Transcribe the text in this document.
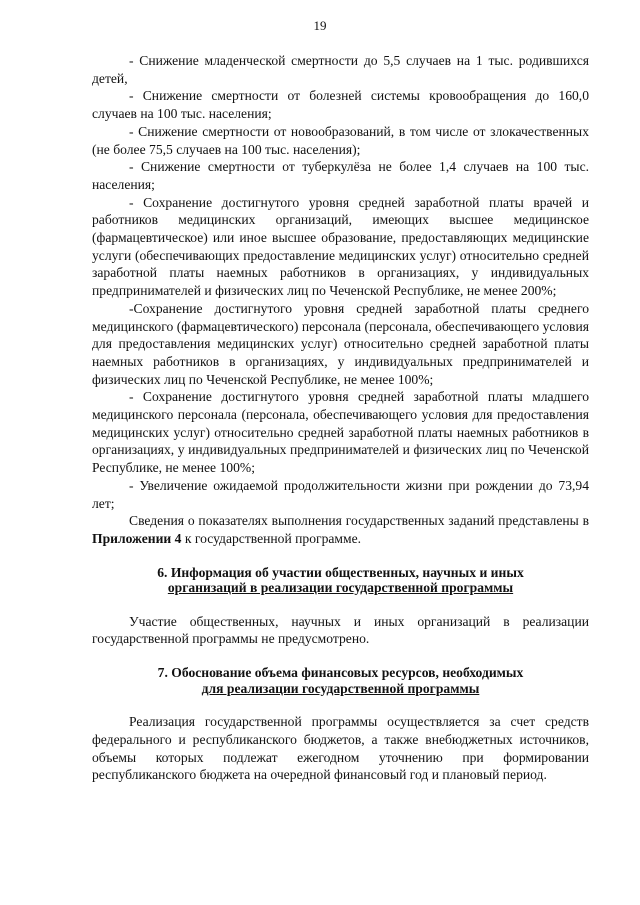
19

- Снижение младенческой смертности до 5,5 случаев на 1 тыс. родившихся детей,

- Снижение смертности от болезней системы кровообращения до 160,0 случаев на 100 тыс. населения;

- Снижение смертности от новообразований, в том числе от злокачественных (не более 75,5 случаев на 100 тыс. населения);

- Снижение смертности от туберкулёза не более 1,4 случаев на 100 тыс. населения;

- Сохранение достигнутого уровня средней заработной платы врачей и работников медицинских организаций, имеющих высшее медицинское (фармацевтическое) или иное высшее образование, предоставляющих медицинские услуги (обеспечивающих предоставление медицинских услуг) относительно средней заработной платы наемных работников в организациях, у индивидуальных предпринимателей и физических лиц по Чеченской Республике, не менее 200%;

-Сохранение достигнутого уровня средней заработной платы среднего медицинского (фармацевтического) персонала (персонала, обеспечивающего условия для предоставления медицинских услуг) относительно средней заработной платы наемных работников в организациях, у индивидуальных предпринимателей и физических лиц по Чеченской Республике, не менее 100%;

- Сохранение достигнутого уровня средней заработной платы младшего медицинского персонала (персонала, обеспечивающего условия для предоставления медицинских услуг) относительно средней заработной платы наемных работников в организациях, у индивидуальных предпринимателей и физических лиц по Чеченской Республике, не менее 100%;

- Увеличение ожидаемой продолжительности жизни при рождении до 73,94 лет;

Сведения о показателях выполнения государственных заданий представлены в Приложении 4 к государственной программе.

6. Информация об участии общественных, научных и иных
организаций в реализации государственной программы

Участие общественных, научных и иных организаций в реализации государственной программы не предусмотрено.

7. Обоснование объема финансовых ресурсов, необходимых
для реализации государственной программы

Реализация государственной программы осуществляется за счет средств федерального и республиканского бюджетов, а также внебюджетных источников, объемы которых подлежат ежегодном уточнению при формировании республиканского бюджета на очередной финансовый год и плановый период.
